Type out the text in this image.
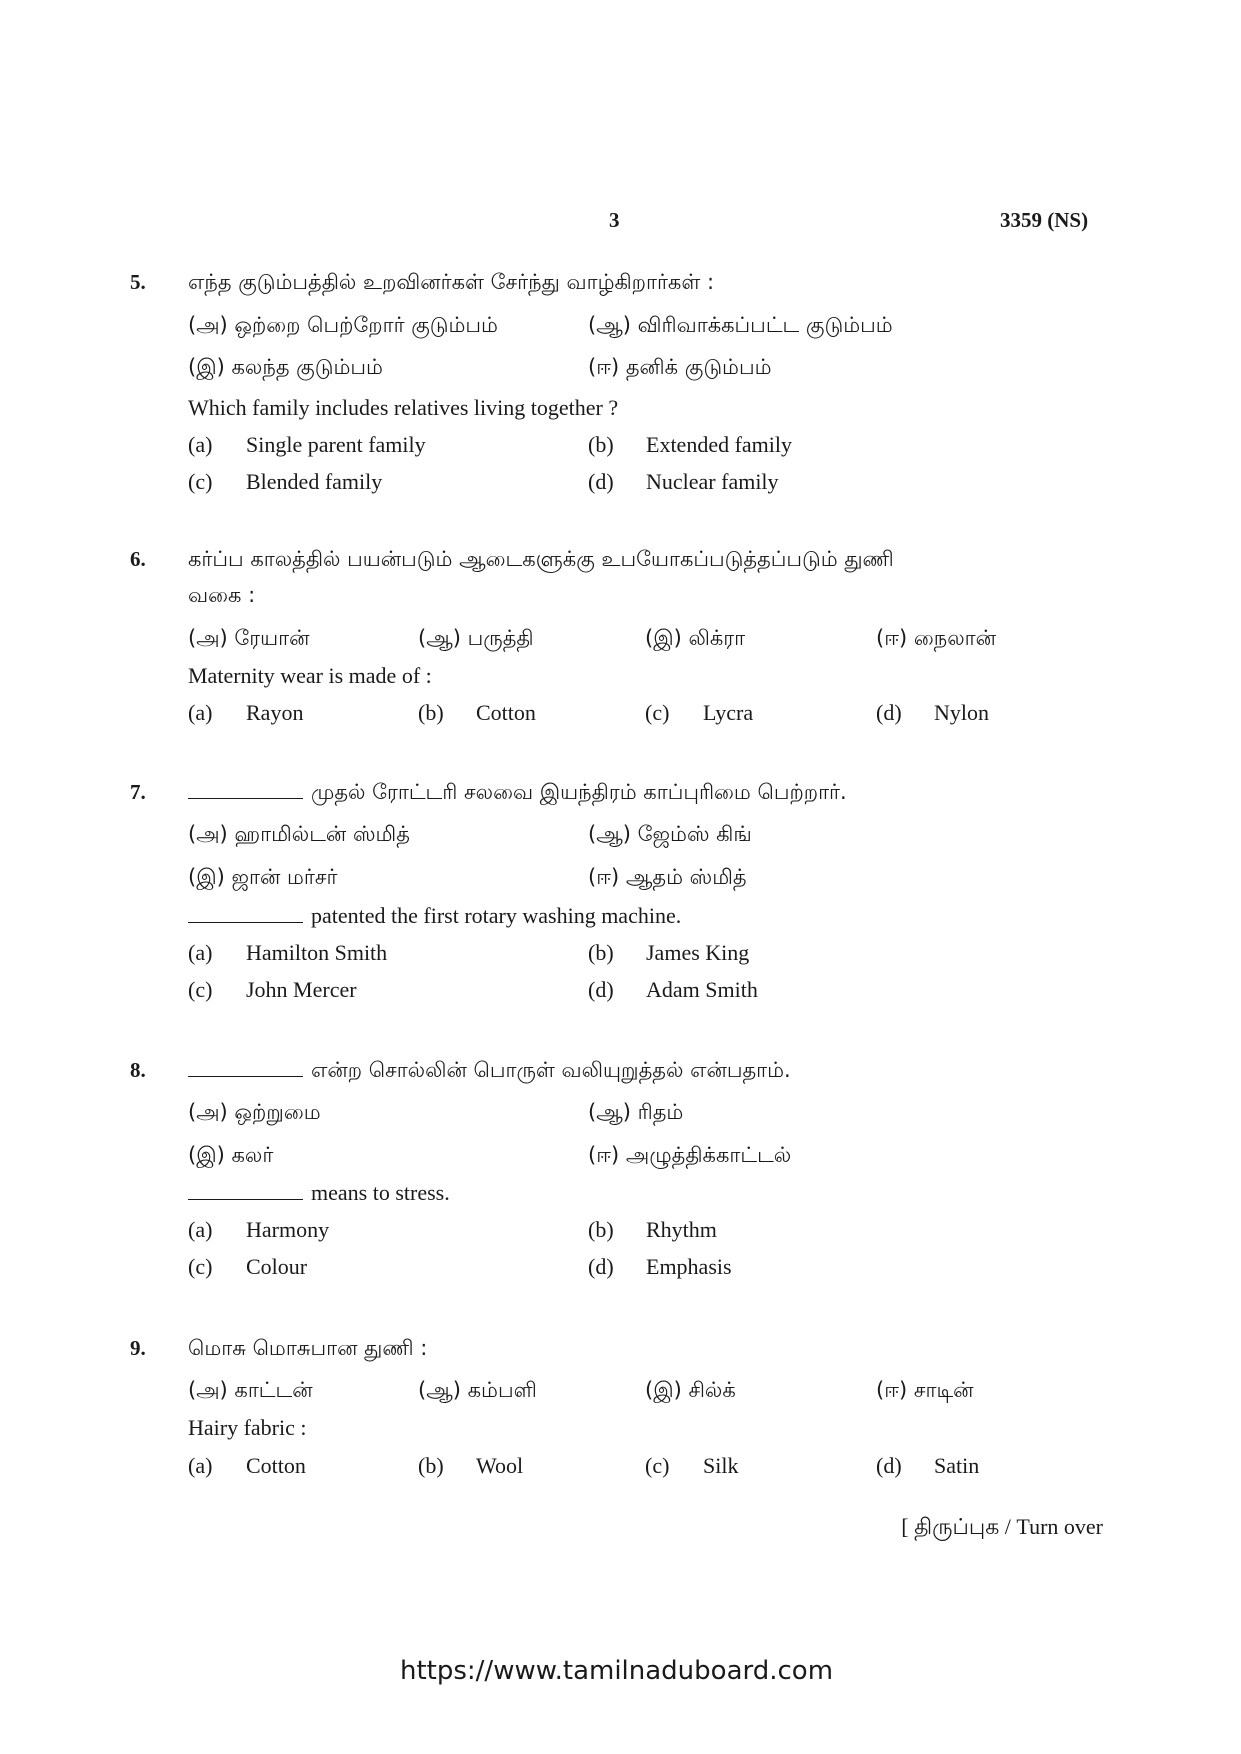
3	3359 (NS)
5. எந்த குடும்பத்தில் உறவினர்கள் சேர்ந்து வாழ்கிறார்கள் :
(அ) ஒற்றை பெற்றோர் குடும்பம்	(ஆ) விரிவாக்கப்பட்ட குடும்பம்
(இ) கலந்த குடும்பம்	(ஈ) தனிக் குடும்பம்
Which family includes relatives living together ?
(a) Single parent family	(b) Extended family
(c) Blended family	(d) Nuclear family
6. கர்ப்ப காலத்தில் பயன்படும் ஆடைகளுக்கு உபயோகப்படுத்தப்படும் துணி
வகை :
(அ) ரேயான்	(ஆ) பருத்தி	(இ) லிக்ரா	(ஈ) நைலான்
Maternity wear is made of :
(a) Rayon	(b) Cotton	(c) Lycra	(d) Nylon
7.	முதல் ரோட்டரி சலவை இயந்திரம் காப்புரிமை பெற்றார்.
(அ) ஹாமில்டன் ஸ்மித்	(ஆ) ஜேம்ஸ் கிங்
(இ) ஜான் மர்சர்	(ஈ) ஆதம் ஸ்மித்
patented the first rotary washing machine.
(a) Hamilton Smith	(b) James King
(c) John Mercer	(d) Adam Smith
8.	என்ற சொல்லின் பொருள் வலியுறுத்தல் என்பதாம்.
(அ) ஒற்றுமை	(ஆ) ரிதம்
(இ) கலர்	(ஈ) அழுத்திக்காட்டல்
means to stress.
(a) Harmony	(b) Rhythm
(c) Colour	(d) Emphasis
9. மொசு மொசுபான துணி :
(அ) காட்டன்	(ஆ) கம்பளி	(இ) சில்க்	(ஈ) சாடின்
Hairy fabric :
(a) Cotton	(b) Wool	(c) Silk	(d) Satin
[ திருப்புக / Turn over
https://www.tamilnaduboard.com
